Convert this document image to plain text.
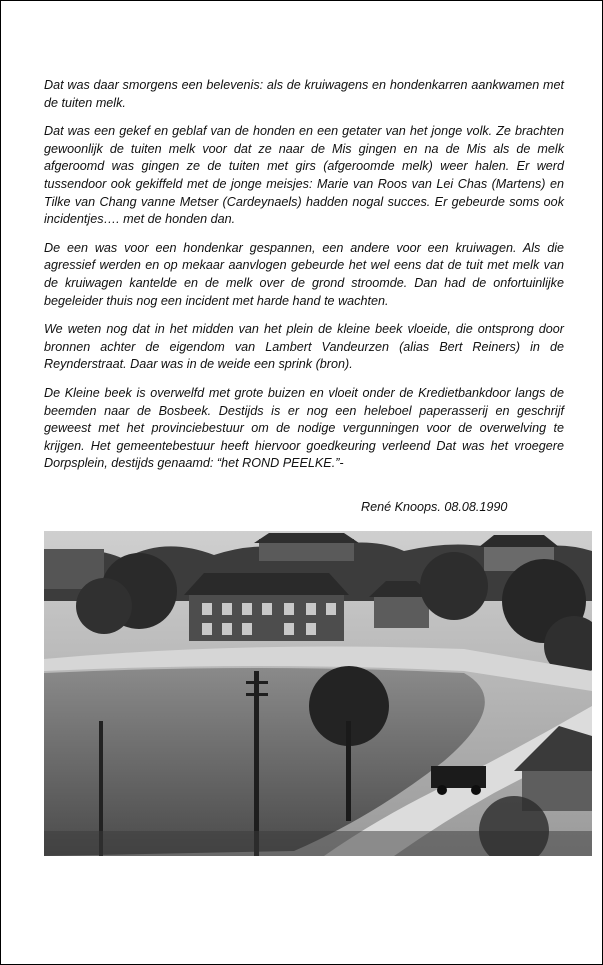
Dat was daar smorgens een belevenis: als de kruiwagens en hondenkarren aankwamen met de tuiten melk.

Dat was een gekef en geblaf van de honden en een getater van het jonge volk. Ze brachten gewoonlijk de tuiten melk voor dat ze naar de Mis gingen en na de Mis als de melk afgeroomd was gingen ze de tuiten met girs (afgeroomde melk) weer halen. Er werd tussendoor ook gekiffeld met de jonge meisjes: Marie van Roos van Lei Chas (Martens) en Tilke van Chang vanne Metser (Cardeynaels) hadden nogal succes. Er gebeurde soms ook incidentjes…. met de honden dan.

De een was voor een hondenkar gespannen, een andere voor een kruiwagen. Als die agressief werden en op mekaar aanvlogen gebeurde het wel eens dat de tuit met melk van de kruiwagen kantelde en de melk over de grond stroomde. Dan had de onfortuinlijke begeleider thuis nog een incident met harde hand te wachten.

We weten nog dat in het midden van het plein de kleine beek vloeide, die ontsprong door bronnen achter de eigendom van Lambert Vandeurzen (alias Bert Reiners) in de Reynderstraat. Daar was in de weide een sprink (bron).

De Kleine beek is overwelfd met grote buizen en vloeit onder de Kredietbankdoor langs de beemden naar de Bosbeek. Destijds is er nog een heleboel paperasserij en geschrijf geweest met het provinciebestuur om de nodige vergunningen voor de overwelving te krijgen. Het gemeentebestuur heeft hiervoor goedkeuring verleend Dat was het vroegere Dorpsplein, destijds genaamd: “het ROND PEELKE.”-

René Knoops. 08.08.1990
